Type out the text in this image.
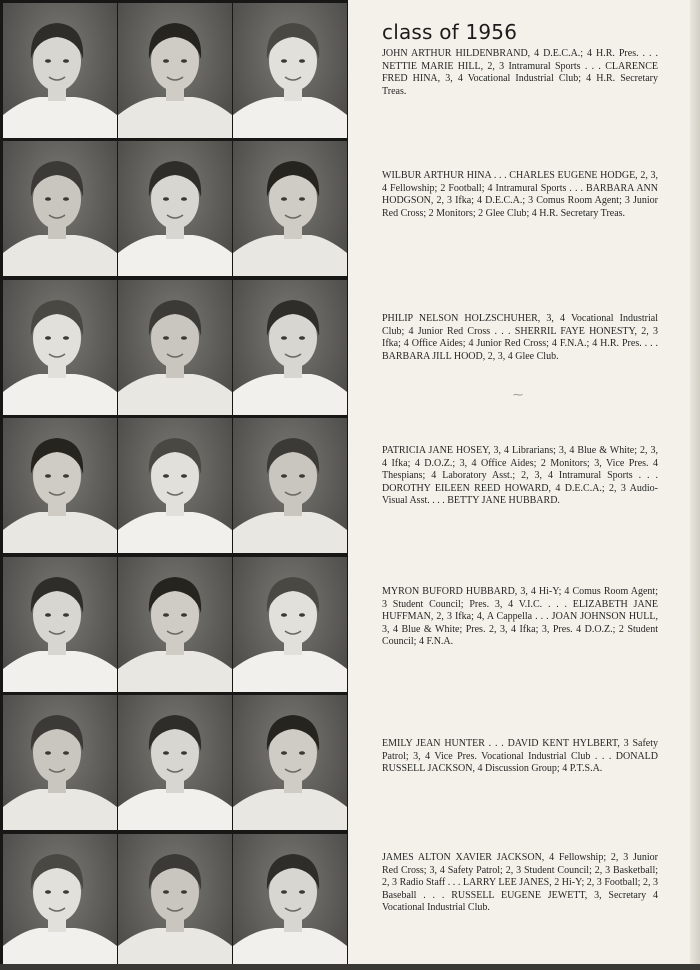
class of 1956
⁓

JOHN ARTHUR HILDENBRAND, 4 D.E.C.A.; 4 H.R. Pres. . . . NETTIE MARIE HILL, 2, 3 Intramural Sports . . . CLARENCE FRED HINA, 3, 4 Vocational Industrial Club; 4 H.R. Secretary Treas.

WILBUR ARTHUR HINA . . . CHARLES EUGENE HODGE, 2, 3, 4 Fellowship; 2 Football; 4 Intramural Sports . . . BARBARA ANN HODGSON, 2, 3 Ifka; 4 D.E.C.A.; 3 Comus Room Agent; 3 Junior Red Cross; 2 Monitors; 2 Glee Club; 4 H.R. Secretary Treas.

PHILIP NELSON HOLZSCHUHER, 3, 4 Vocational Industrial Club; 4 Junior Red Cross . . . SHERRIL FAYE HONESTY, 2, 3 Ifka; 4 Office Aides; 4 Junior Red Cross; 4 F.N.A.; 4 H.R. Pres. . . . BARBARA JILL HOOD, 2, 3, 4 Glee Club.

PATRICIA JANE HOSEY, 3, 4 Librarians; 3, 4 Blue & White; 2, 3, 4 Ifka; 4 D.O.Z.; 3, 4 Office Aides; 2 Monitors; 3, Vice Pres. 4 Thespians; 4 Laboratory Asst.; 2, 3, 4 Intramural Sports . . . DOROTHY EILEEN REED HOWARD, 4 D.E.C.A.; 2, 3 Audio-Visual Asst. . . . BETTY JANE HUBBARD.

MYRON BUFORD HUBBARD, 3, 4 Hi-Y; 4 Comus Room Agent; 3 Student Council; Pres. 3, 4 V.I.C. . . . ELIZABETH JANE HUFFMAN, 2, 3 Ifka; 4, A Cappella . . . JOAN JOHNSON HULL, 3, 4 Blue & White; Pres. 2, 3, 4 Ifka; 3, Pres. 4 D.O.Z.; 2 Student Council; 4 F.N.A.

EMILY JEAN HUNTER . . . DAVID KENT HYLBERT, 3 Safety Patrol; 3, 4 Vice Pres. Vocational Industrial Club . . . DONALD RUSSELL JACKSON, 4 Discussion Group; 4 P.T.S.A.

JAMES ALTON XAVIER JACKSON, 4 Fellowship; 2, 3 Junior Red Cross; 3, 4 Safety Patrol; 2, 3 Student Council; 2, 3 Basketball; 2, 3 Radio Staff . . . LARRY LEE JANES, 2 Hi-Y; 2, 3 Football; 2, 3 Baseball . . . RUSSELL EUGENE JEWETT, 3, Secretary 4 Vocational Industrial Club.
